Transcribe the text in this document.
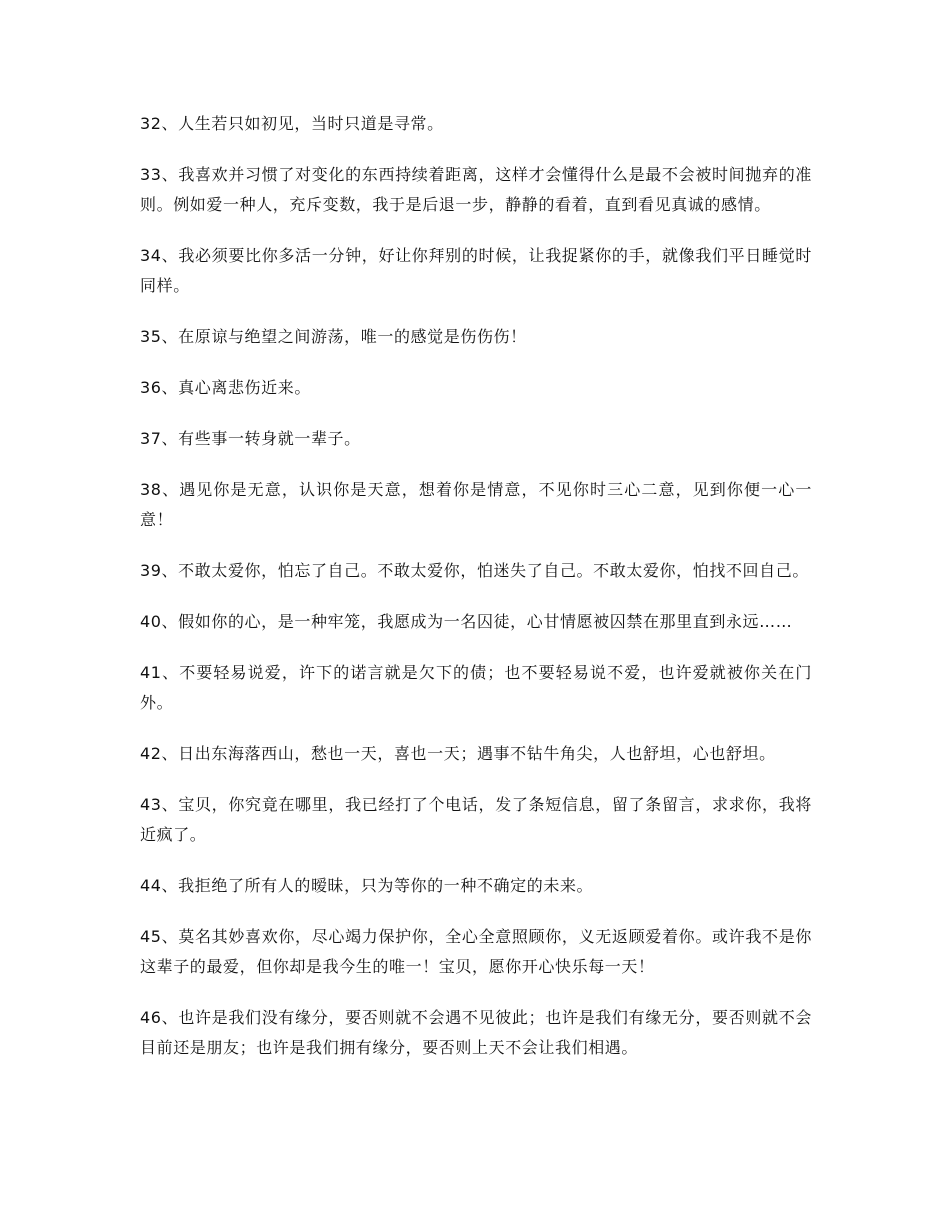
32、人生若只如初见，当时只道是寻常。

33、我喜欢并习惯了对变化的东西持续着距离，这样才会懂得什么是最不会被时间抛弃的准则。例如爱一种人，充斥变数，我于是后退一步，静静的看着，直到看见真诚的感情。

34、我必须要比你多活一分钟，好让你拜别的时候，让我捉紧你的手，就像我们平日睡觉时同样。

35、在原谅与绝望之间游荡，唯一的感觉是伤伤伤！

36、真心离悲伤近来。

37、有些事一转身就一辈子。

38、遇见你是无意，认识你是天意，想着你是情意，不见你时三心二意，见到你便一心一意！

39、不敢太爱你，怕忘了自己。不敢太爱你，怕迷失了自己。不敢太爱你，怕找不回自己。

40、假如你的心，是一种牢笼，我愿成为一名囚徒，心甘情愿被囚禁在那里直到永远……

41、不要轻易说爱，许下的诺言就是欠下的债；也不要轻易说不爱，也许爱就被你关在门外。

42、日出东海落西山，愁也一天，喜也一天；遇事不钻牛角尖，人也舒坦，心也舒坦。

43、宝贝，你究竟在哪里，我已经打了个电话，发了条短信息，留了条留言，求求你，我将近疯了。

44、我拒绝了所有人的暧昧，只为等你的一种不确定的未来。

45、莫名其妙喜欢你，尽心竭力保护你，全心全意照顾你，义无返顾爱着你。或许我不是你这辈子的最爱，但你却是我今生的唯一！宝贝，愿你开心快乐每一天！

46、也许是我们没有缘分，要否则就不会遇不见彼此；也许是我们有缘无分，要否则就不会目前还是朋友；也许是我们拥有缘分，要否则上天不会让我们相遇。
